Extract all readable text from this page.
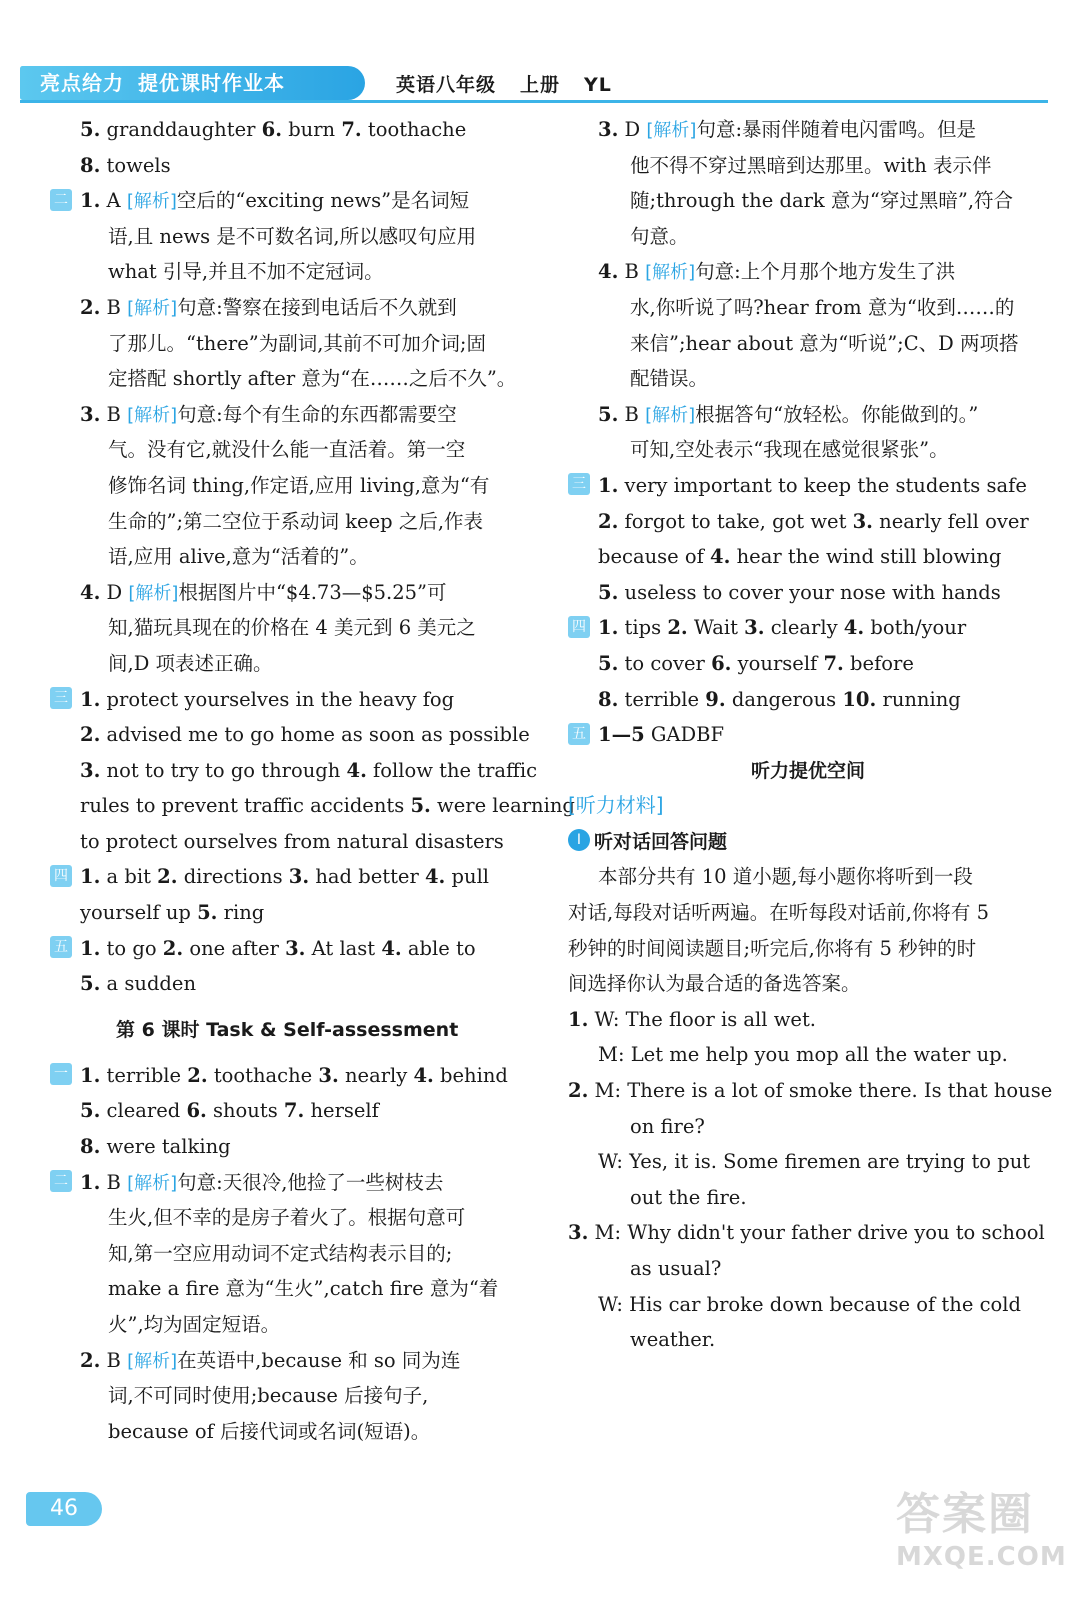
亮点给力 提优课时作业本	英语八年级 上册 YL
5. granddaughter 6. burn 7. toothache
8. towels
二 1. A [解析]空后的“exciting news”是名词短
语,且 news 是不可数名词,所以感叹句应用
what 引导,并且不加不定冠词。
2. B [解析]句意:警察在接到电话后不久就到
了那儿。“there”为副词,其前不可加介词;固
定搭配 shortly after 意为“在……之后不久”。
3. B [解析]句意:每个有生命的东西都需要空
气。没有它,就没什么能一直活着。第一空
修饰名词 thing,作定语,应用 living,意为“有
生命的”;第二空位于系动词 keep 之后,作表
语,应用 alive,意为“活着的”。
4. D [解析]根据图片中“$4.73—$5.25”可
知,猫玩具现在的价格在 4 美元到 6 美元之
间,D 项表述正确。
三 1. protect yourselves in the heavy fog
2. advised me to go home as soon as possible
3. not to try to go through 4. follow the traffic
rules to prevent traffic accidents 5. were learning
to protect ourselves from natural disasters
四 1. a bit 2. directions 3. had better 4. pull
yourself up 5. ring
五 1. to go 2. one after 3. At last 4. able to
5. a sudden
第 6 课时 Task & Self-assessment
一 1. terrible 2. toothache 3. nearly 4. behind
5. cleared 6. shouts 7. herself
8. were talking
二 1. B [解析]句意:天很冷,他捡了一些树枝去
生火,但不幸的是房子着火了。根据句意可
知,第一空应用动词不定式结构表示目的;
make a fire 意为“生火”,catch fire 意为“着
火”,均为固定短语。
2. B [解析]在英语中,because 和 so 同为连
词,不可同时使用;because 后接句子,
because of 后接代词或名词(短语)。
3. D [解析]句意:暴雨伴随着电闪雷鸣。但是
他不得不穿过黑暗到达那里。with 表示伴
随;through the dark 意为“穿过黑暗”,符合
句意。
4. B [解析]句意:上个月那个地方发生了洪
水,你听说了吗?hear from 意为“收到……的
来信”;hear about 意为“听说”;C、D 两项搭
配错误。
5. B [解析]根据答句“放轻松。你能做到的。”
可知,空处表示“我现在感觉很紧张”。
三 1. very important to keep the students safe
2. forgot to take, got wet 3. nearly fell over
because of 4. hear the wind still blowing
5. useless to cover your nose with hands
四 1. tips 2. Wait 3. clearly 4. both/your
5. to cover 6. yourself 7. before
8. terrible 9. dangerous 10. running
五 1—5 GADBF
听力提优空间
[听力材料]
Ⅰ 听对话回答问题
本部分共有 10 道小题,每小题你将听到一段
对话,每段对话听两遍。在听每段对话前,你将有 5
秒钟的时间阅读题目;听完后,你将有 5 秒钟的时
间选择你认为最合适的备选答案。
1. W: The floor is all wet.
M: Let me help you mop all the water up.
2. M: There is a lot of smoke there. Is that house
on fire?
W: Yes, it is. Some firemen are trying to put
out the fire.
3. M: Why didn't your father drive you to school
as usual?
W: His car broke down because of the cold
weather.
46	答案圈
MXQE.COM
